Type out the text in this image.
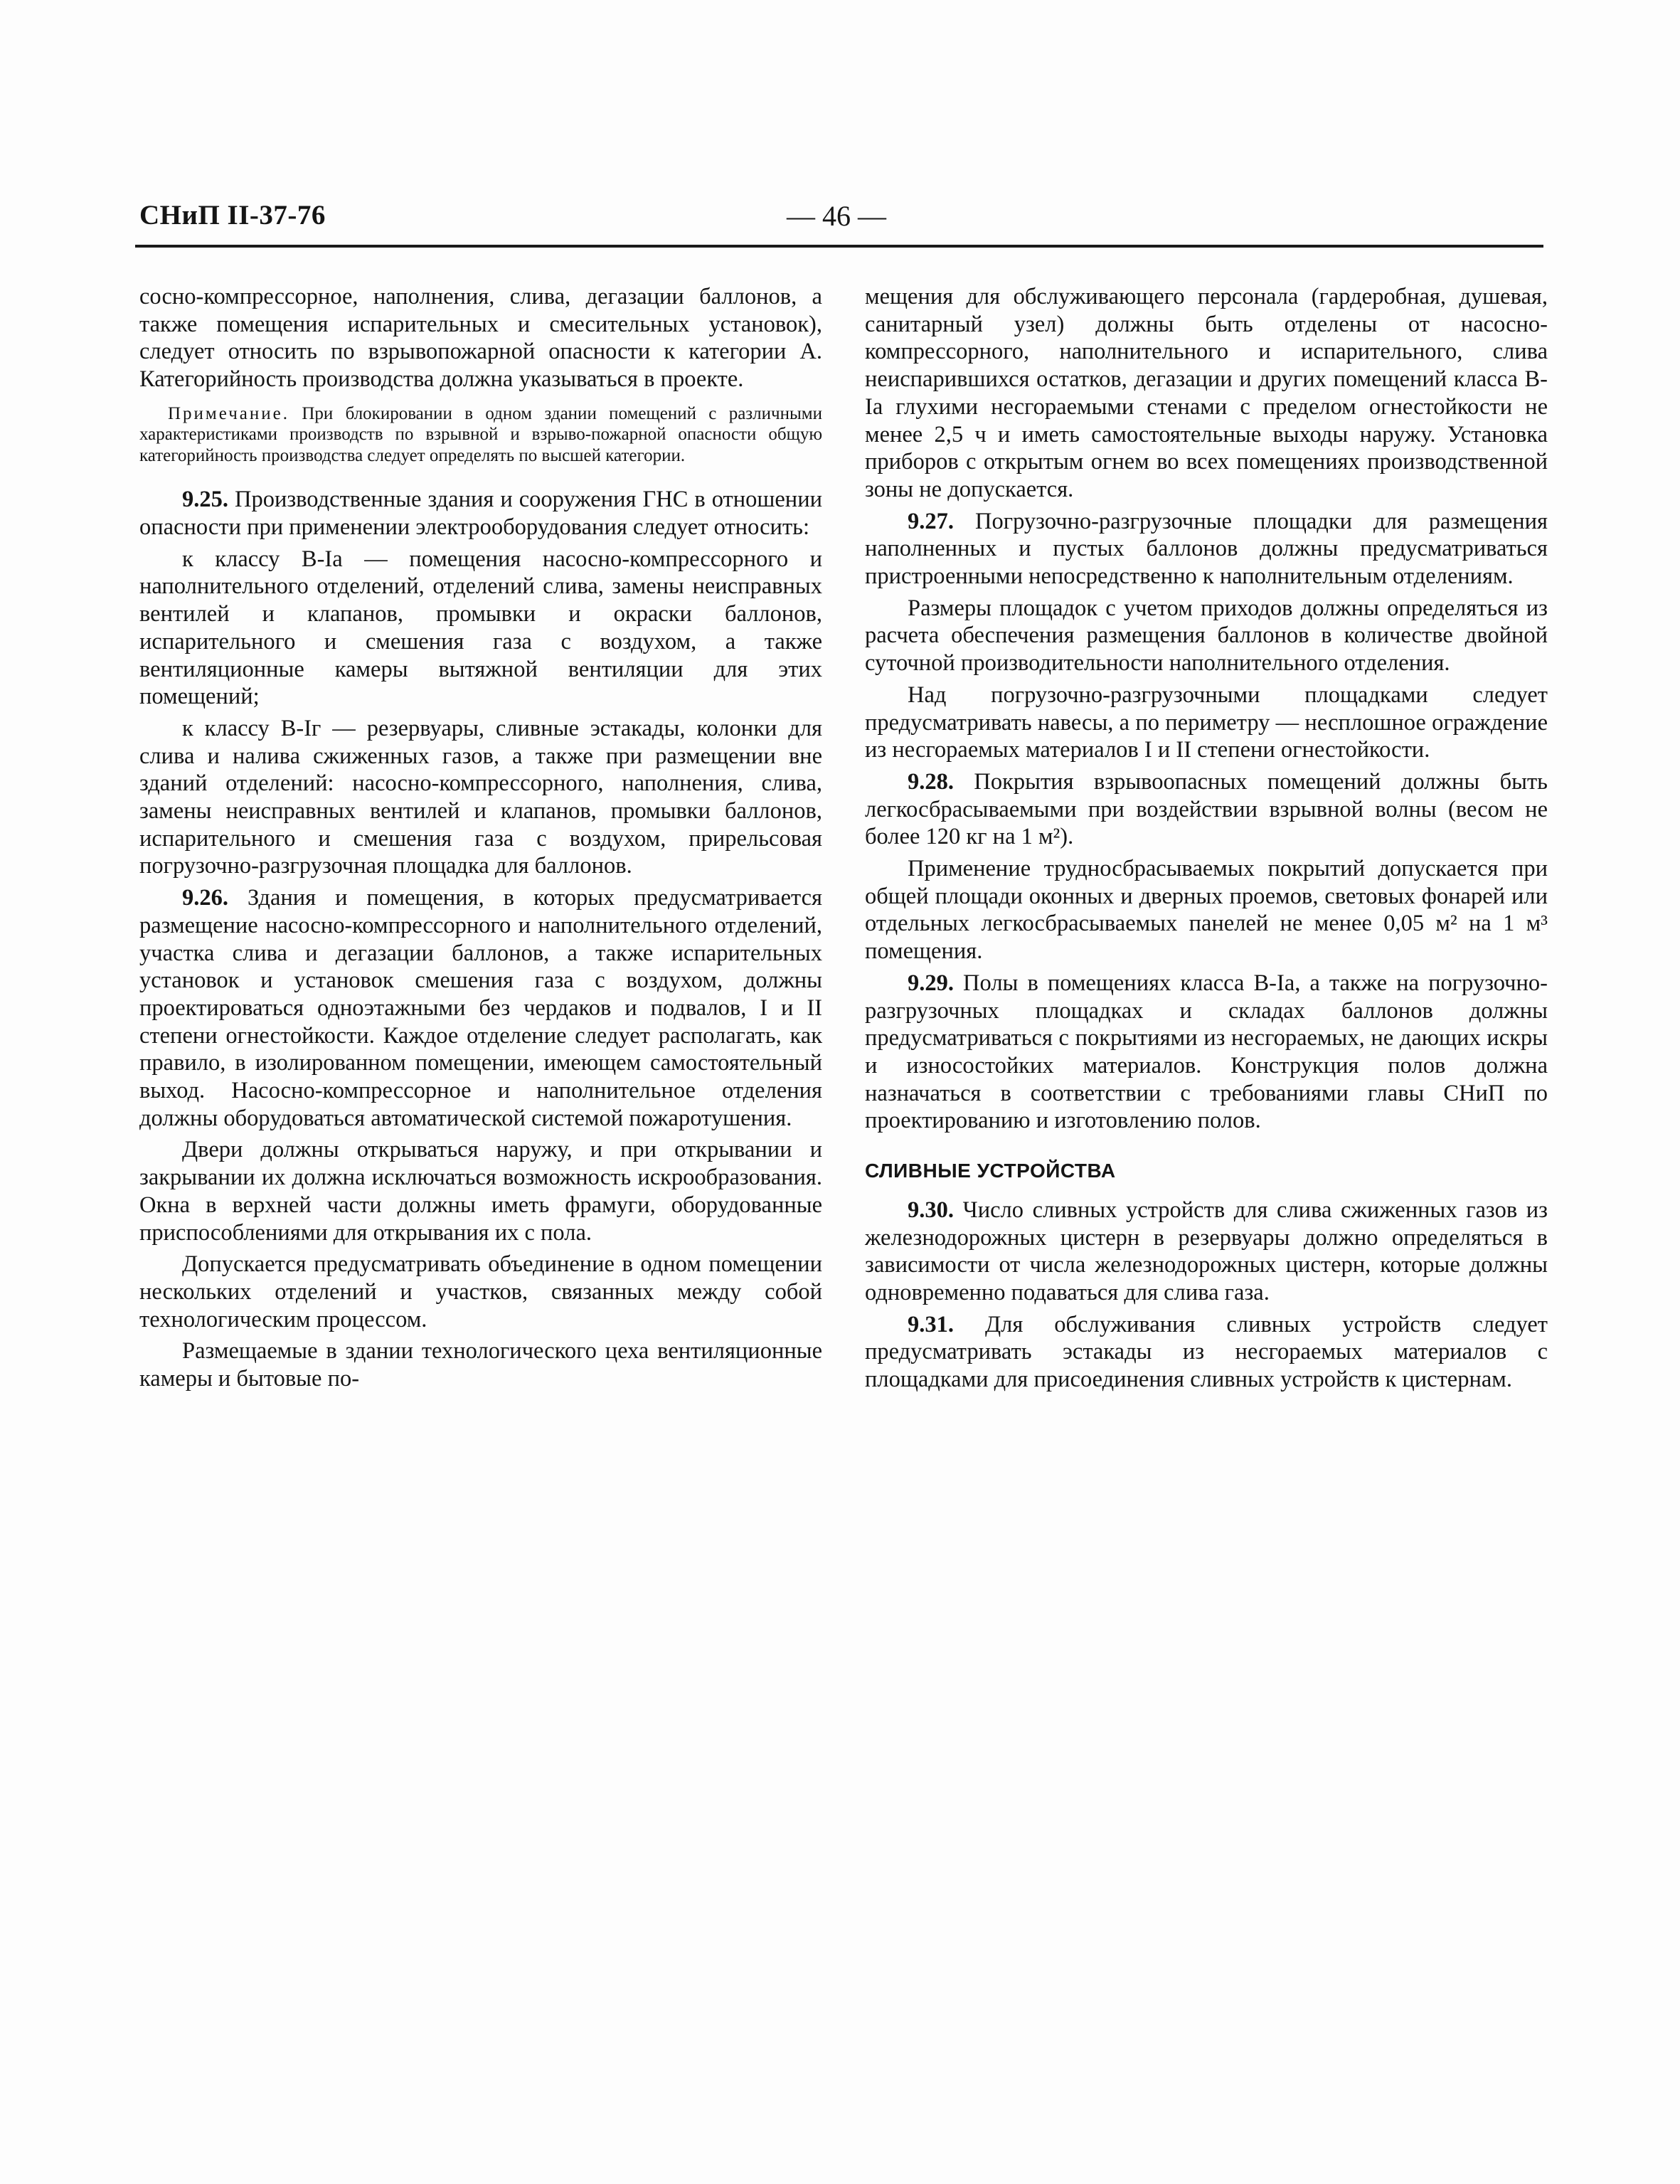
СНиП II-37-76	— 46 —

сосно-компрессорное, наполнения, слива, дегазации баллонов, а также помещения испарительных и смесительных установок), следует относить по взрывопожарной опасности к категории А. Категорийность производства должна указываться в проекте.

Примечание. При блокировании в одном здании помещений с различными характеристиками производств по взрывной и взрыво-пожарной опасности общую категорийность производства следует определять по высшей категории.

9.25. Производственные здания и сооружения ГНС в отношении опасности при применении электрооборудования следует относить:

к классу В-Iа — помещения насосно-компрессорного и наполнительного отделений, отделений слива, замены неисправных вентилей и клапанов, промывки и окраски баллонов, испарительного и смешения газа с воздухом, а также вентиляционные камеры вытяжной вентиляции для этих помещений;

к классу В-Iг — резервуары, сливные эстакады, колонки для слива и налива сжиженных газов, а также при размещении вне зданий отделений: насосно-компрессорного, наполнения, слива, замены неисправных вентилей и клапанов, промывки баллонов, испарительного и смешения газа с воздухом, прирельсовая погрузочно-разгрузочная площадка для баллонов.

9.26. Здания и помещения, в которых предусматривается размещение насосно-компрессорного и наполнительного отделений, участка слива и дегазации баллонов, а также испарительных установок и установок смешения газа с воздухом, должны проектироваться одноэтажными без чердаков и подвалов, I и II степени огнестойкости. Каждое отделение следует располагать, как правило, в изолированном помещении, имеющем самостоятельный выход. Насосно-компрессорное и наполнительное отделения должны оборудоваться автоматической системой пожаротушения.

Двери должны открываться наружу, и при открывании и закрывании их должна исключаться возможность искрообразования. Окна в верхней части должны иметь фрамуги, оборудованные приспособлениями для открывания их с пола.

Допускается предусматривать объединение в одном помещении нескольких отделений и участков, связанных между собой технологическим процессом.

Размещаемые в здании технологического цеха вентиляционные камеры и бытовые по-

мещения для обслуживающего персонала (гардеробная, душевая, санитарный узел) должны быть отделены от насосно-компрессорного, наполнительного и испарительного, слива неиспарившихся остатков, дегазации и других помещений класса В-Iа глухими несгораемыми стенами с пределом огнестойкости не менее 2,5 ч и иметь самостоятельные выходы наружу. Установка приборов с открытым огнем во всех помещениях производственной зоны не допускается.

9.27. Погрузочно-разгрузочные площадки для размещения наполненных и пустых баллонов должны предусматриваться пристроенными непосредственно к наполнительным отделениям.

Размеры площадок с учетом приходов должны определяться из расчета обеспечения размещения баллонов в количестве двойной суточной производительности наполнительного отделения.

Над погрузочно-разгрузочными площадками следует предусматривать навесы, а по периметру — несплошное ограждение из несгораемых материалов I и II степени огнестойкости.

9.28. Покрытия взрывоопасных помещений должны быть легкосбрасываемыми при воздействии взрывной волны (весом не более 120 кг на 1 м²).

Применение трудносбрасываемых покрытий допускается при общей площади оконных и дверных проемов, световых фонарей или отдельных легкосбрасываемых панелей не менее 0,05 м² на 1 м³ помещения.

9.29. Полы в помещениях класса В-Iа, а также на погрузочно-разгрузочных площадках и складах баллонов должны предусматриваться с покрытиями из несгораемых, не дающих искры и износостойких материалов. Конструкция полов должна назначаться в соответствии с требованиями главы СНиП по проектированию и изготовлению полов.

СЛИВНЫЕ УСТРОЙСТВА

9.30. Число сливных устройств для слива сжиженных газов из железнодорожных цистерн в резервуары должно определяться в зависимости от числа железнодорожных цистерн, которые должны одновременно подаваться для слива газа.

9.31. Для обслуживания сливных устройств следует предусматривать эстакады из несгораемых материалов с площадками для присоединения сливных устройств к цистернам.
